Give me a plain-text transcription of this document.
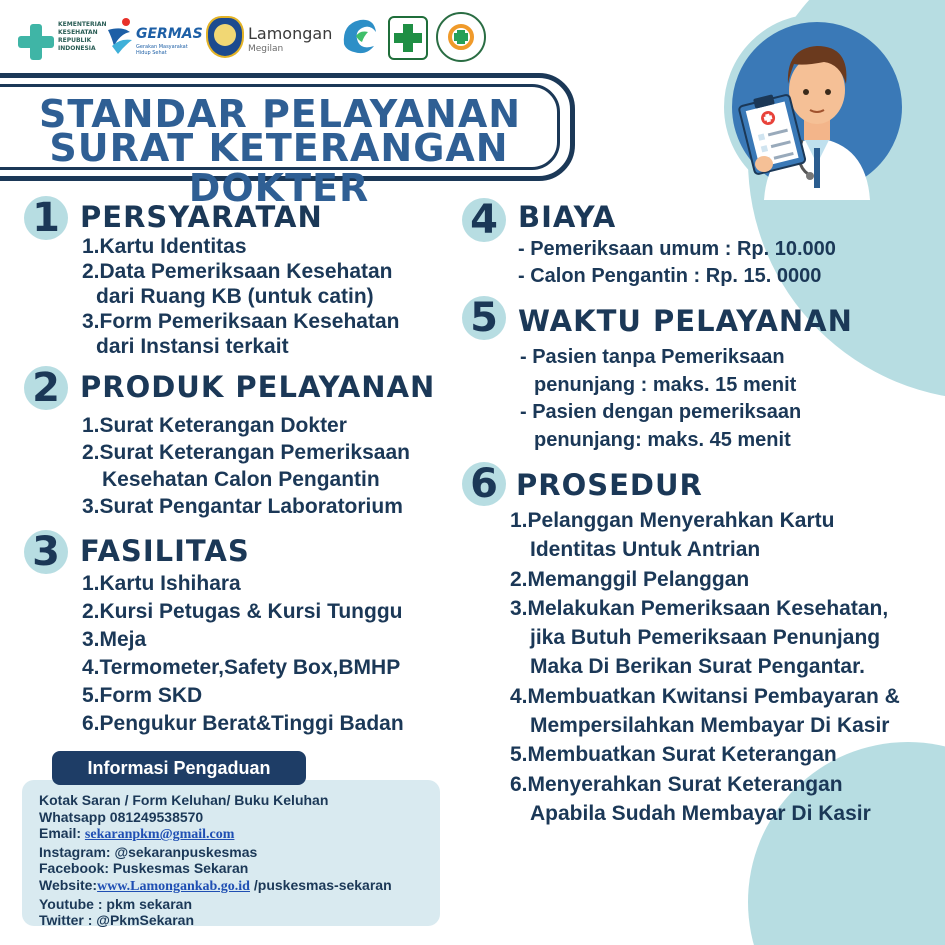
KEMENTERIAN KESEHATAN REPUBLIK INDONESIA
GERMAS
Gerakan Masyarakat Hidup Sehat
Lamongan
Megilan
STANDAR PELAYANAN
SURAT KETERANGAN DOKTER
1 PERSYARATAN
1.Kartu Identitas
2.Data Pemeriksaan Kesehatan
dari Ruang KB (untuk catin)
3.Form Pemeriksaan Kesehatan
dari Instansi terkait
2 PRODUK PELAYANAN
1.Surat Keterangan Dokter
2.Surat Keterangan Pemeriksaan
Kesehatan Calon Pengantin
3.Surat Pengantar Laboratorium
3 FASILITAS
1.Kartu Ishihara
2.Kursi Petugas & Kursi Tunggu
3.Meja
4.Termometer,Safety Box,BMHP
5.Form SKD
6.Pengukur Berat&Tinggi Badan
4 BIAYA
- Pemeriksaan umum : Rp. 10.000
- Calon Pengantin : Rp. 15. 0000
5 WAKTU PELAYANAN
- Pasien tanpa Pemeriksaan
penunjang : maks. 15 menit
- Pasien dengan pemeriksaan
penunjang: maks. 45 menit
6 PROSEDUR
1.Pelanggan Menyerahkan Kartu
Identitas Untuk Antrian
2.Memanggil Pelanggan
3.Melakukan Pemeriksaan Kesehatan,
jika Butuh Pemeriksaan Penunjang
Maka Di Berikan Surat Pengantar.
4.Membuatkan Kwitansi Pembayaran &
Mempersilahkan Membayar Di Kasir
5.Membuatkan Surat Keterangan
6.Menyerahkan Surat Keterangan
Apabila Sudah Membayar Di Kasir
Informasi Pengaduan
Kotak Saran / Form Keluhan/ Buku Keluhan
Whatsapp 081249538570
Email: sekaranpkm@gmail.com
Instagram: @sekaranpuskesmas
Facebook: Puskesmas Sekaran
Website:www.Lamongankab.go.id /puskesmas-sekaran
Youtube : pkm sekaran
Twitter : @PkmSekaran
